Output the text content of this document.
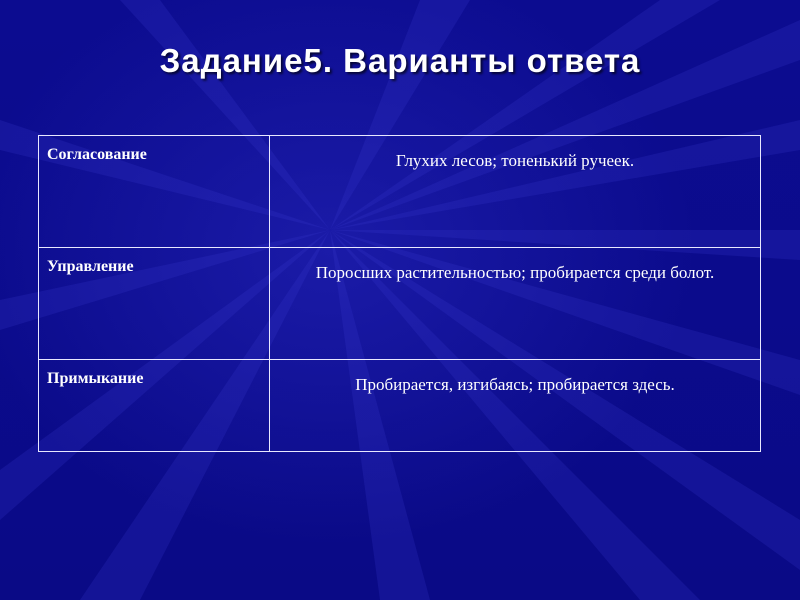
Задание5. Варианты ответа
Согласование	Глухих лесов; тоненький ручеек.
Управление	Поросших растительностью; пробирается среди болот.
Примыкание	Пробирается, изгибаясь; пробирается здесь.
